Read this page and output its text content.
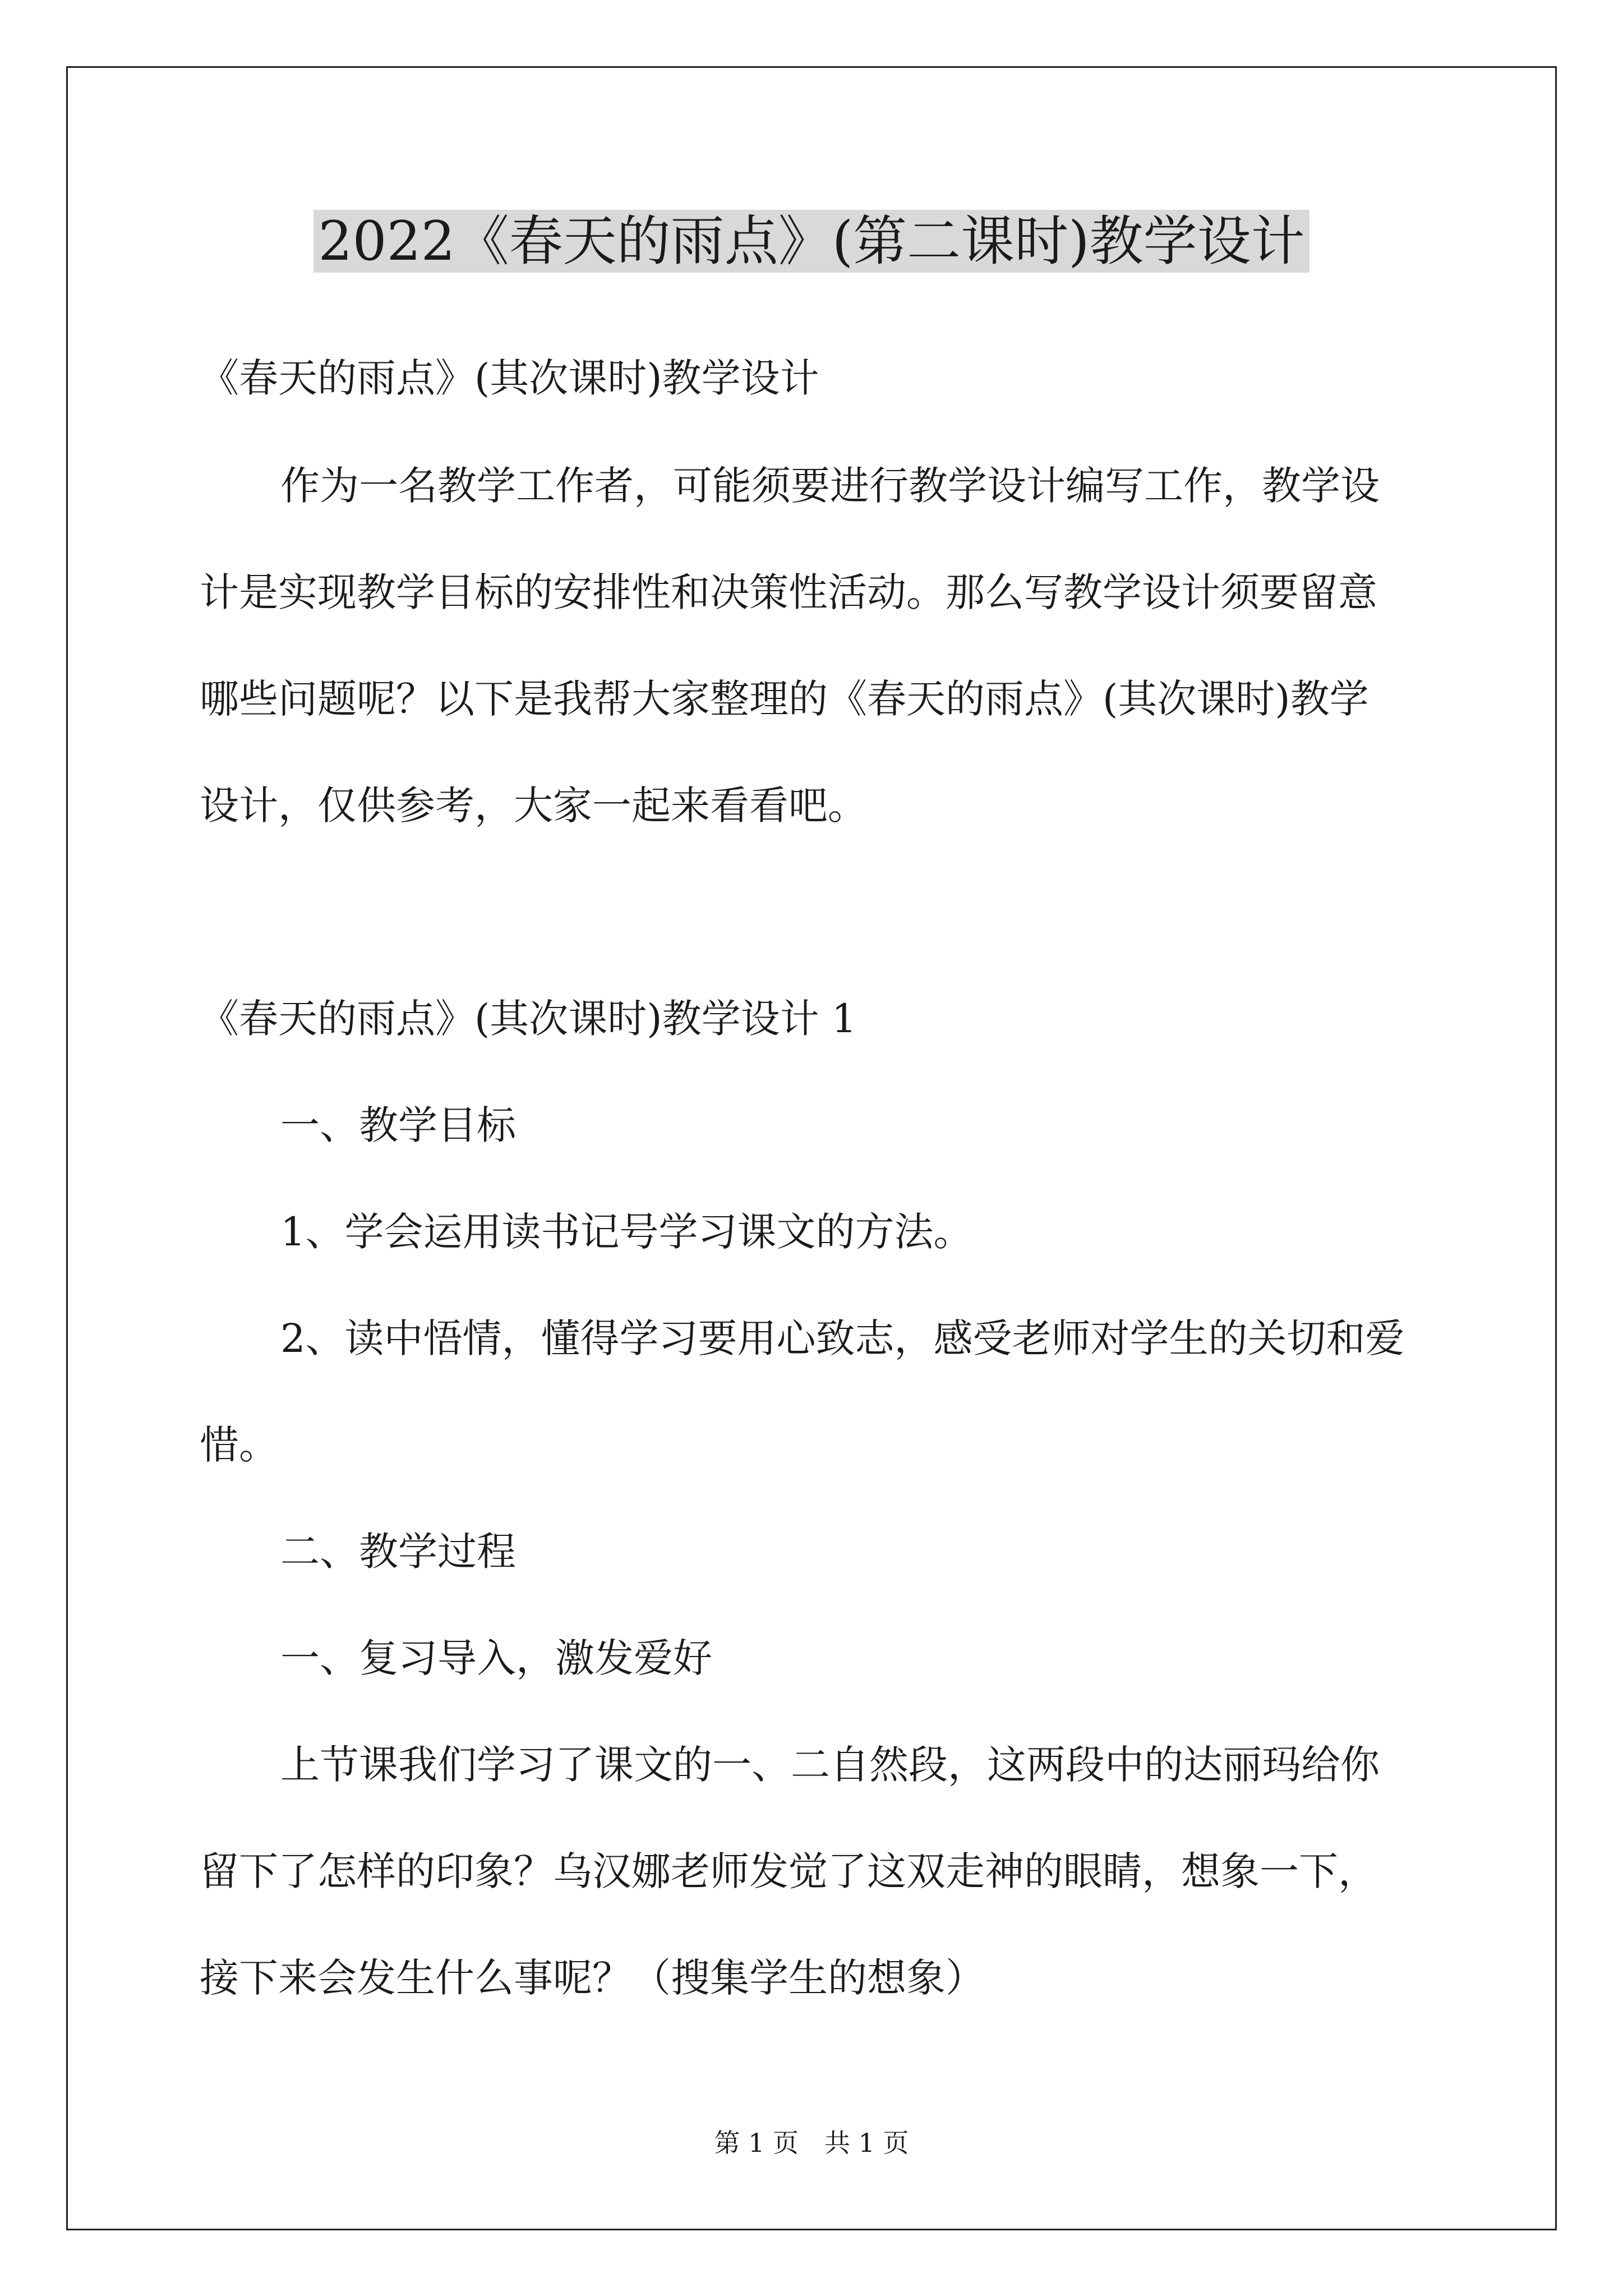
2022《春天的雨点》(第二课时)教学设计
《春天的雨点》(其次课时)教学设计
作为一名教学工作者，可能须要进行教学设计编写工作，教学设
计是实现教学目标的安排性和决策性活动。那么写教学设计须要留意
哪些问题呢？以下是我帮大家整理的《春天的雨点》(其次课时)教学
设计，仅供参考，大家一起来看看吧。
《春天的雨点》(其次课时)教学设计 1
一、教学目标
1、学会运用读书记号学习课文的方法。
2、读中悟情，懂得学习要用心致志，感受老师对学生的关切和爱
惜。
二、教学过程
一、复习导入，激发爱好
上节课我们学习了课文的一、二自然段，这两段中的达丽玛给你
留下了怎样的印象？乌汉娜老师发觉了这双走神的眼睛，想象一下，
接下来会发生什么事呢？（搜集学生的想象）
第 1 页　共 1 页
